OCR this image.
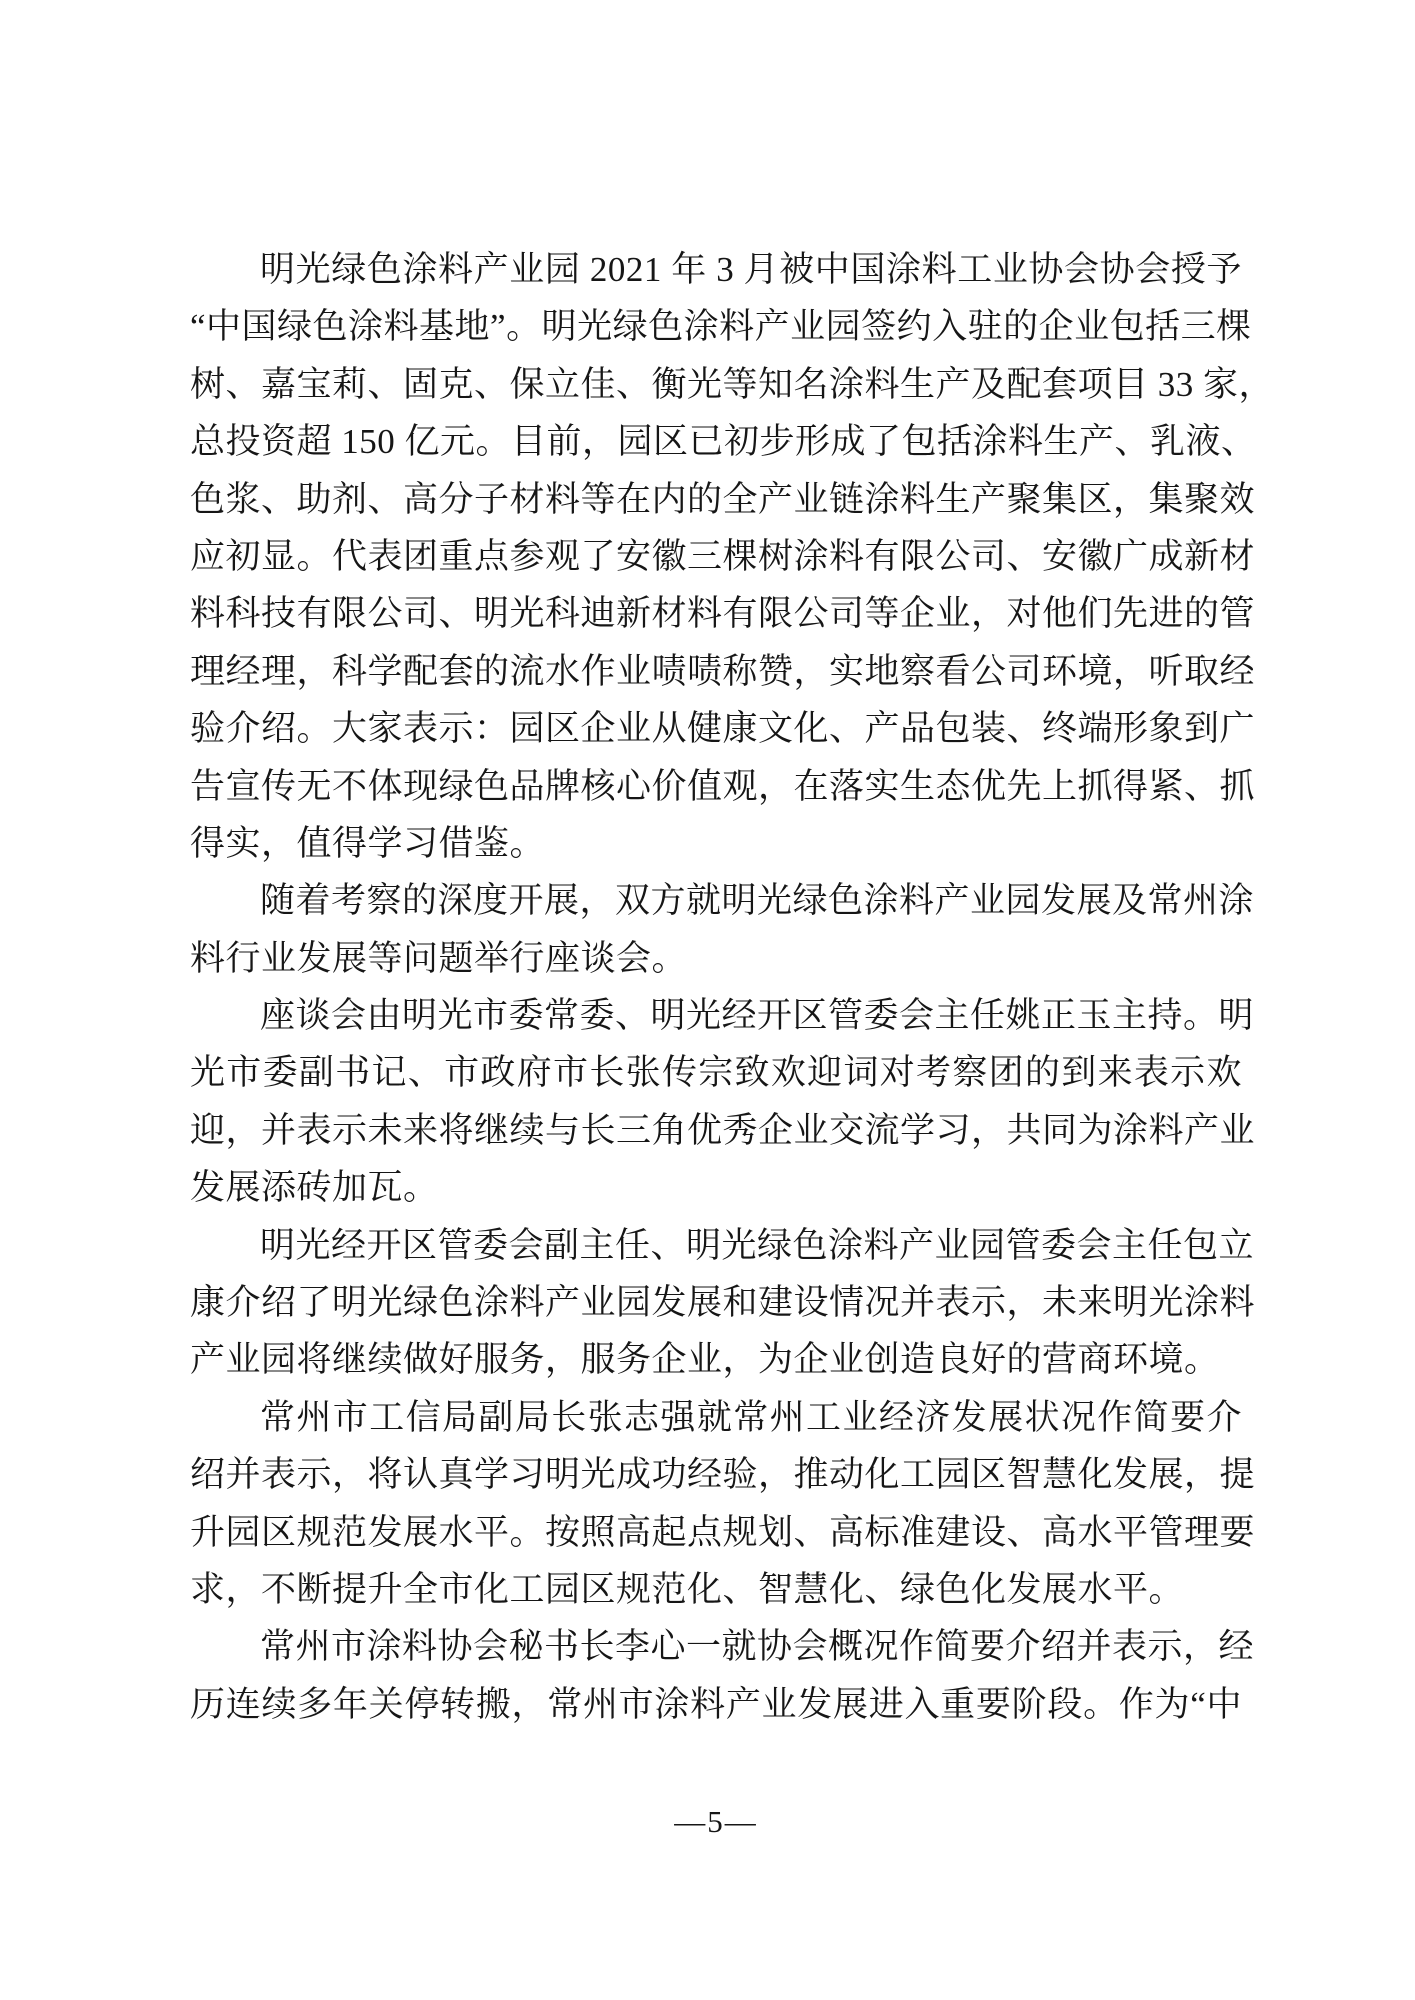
明光绿色涂料产业园 2021 年 3 月被中国涂料工业协会协会授予
“中国绿色涂料基地”。明光绿色涂料产业园签约入驻的企业包括三棵
树、嘉宝莉、固克、保立佳、衡光等知名涂料生产及配套项目 33 家，
总投资超 150 亿元。目前，园区已初步形成了包括涂料生产、乳液、
色浆、助剂、高分子材料等在内的全产业链涂料生产聚集区，集聚效
应初显。代表团重点参观了安徽三棵树涂料有限公司、安徽广成新材
料科技有限公司、明光科迪新材料有限公司等企业，对他们先进的管
理经理，科学配套的流水作业啧啧称赞，实地察看公司环境，听取经
验介绍。大家表示：园区企业从健康文化、产品包装、终端形象到广
告宣传无不体现绿色品牌核心价值观，在落实生态优先上抓得紧、抓
得实，值得学习借鉴。
随着考察的深度开展，双方就明光绿色涂料产业园发展及常州涂
料行业发展等问题举行座谈会。
座谈会由明光市委常委、明光经开区管委会主任姚正玉主持。明
光市委副书记、市政府市长张传宗致欢迎词对考察团的到来表示欢
迎，并表示未来将继续与长三角优秀企业交流学习，共同为涂料产业
发展添砖加瓦。
明光经开区管委会副主任、明光绿色涂料产业园管委会主任包立
康介绍了明光绿色涂料产业园发展和建设情况并表示，未来明光涂料
产业园将继续做好服务，服务企业，为企业创造良好的营商环境。
常州市工信局副局长张志强就常州工业经济发展状况作简要介
绍并表示，将认真学习明光成功经验，推动化工园区智慧化发展，提
升园区规范发展水平。按照高起点规划、高标准建设、高水平管理要
求，不断提升全市化工园区规范化、智慧化、绿色化发展水平。
常州市涂料协会秘书长李心一就协会概况作简要介绍并表示，经
历连续多年关停转搬，常州市涂料产业发展进入重要阶段。作为“中
—5—
